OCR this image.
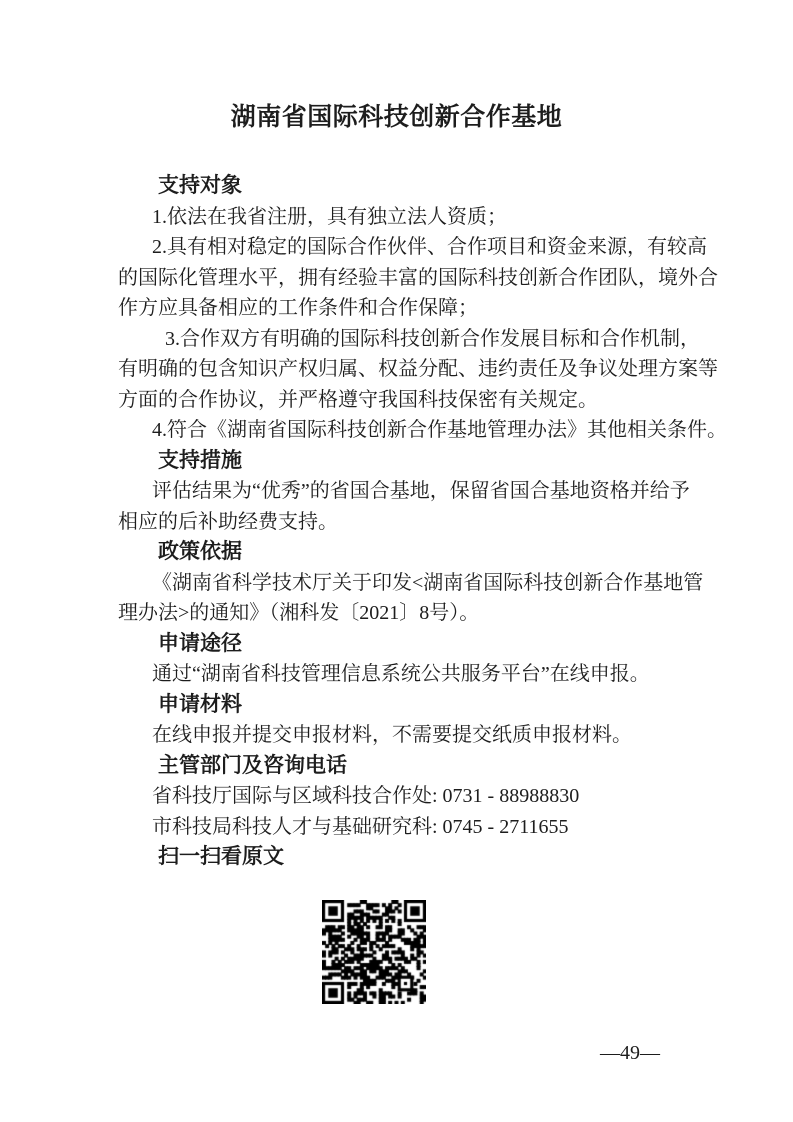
湖南省国际科技创新合作基地
支持对象
1.依法在我省注册，具有独立法人资质；
2.具有相对稳定的国际合作伙伴、合作项目和资金来源，有较高
的国际化管理水平，拥有经验丰富的国际科技创新合作团队，境外合
作方应具备相应的工作条件和合作保障；
3.合作双方有明确的国际科技创新合作发展目标和合作机制，
有明确的包含知识产权归属、权益分配、违约责任及争议处理方案等
方面的合作协议，并严格遵守我国科技保密有关规定。
4.符合《湖南省国际科技创新合作基地管理办法》其他相关条件。
支持措施
评估结果为“优秀”的省国合基地，保留省国合基地资格并给予
相应的后补助经费支持。
政策依据
《湖南省科学技术厅关于印发<湖南省国际科技创新合作基地管
理办法>的通知》（湘科发〔2021〕8号）。
申请途径
通过“湖南省科技管理信息系统公共服务平台”在线申报。
申请材料
在线申报并提交申报材料，不需要提交纸质申报材料。
主管部门及咨询电话
省科技厅国际与区域科技合作处: 0731 - 88988830
市科技局科技人才与基础研究科: 0745 - 2711655
扫一扫看原文
—49—
